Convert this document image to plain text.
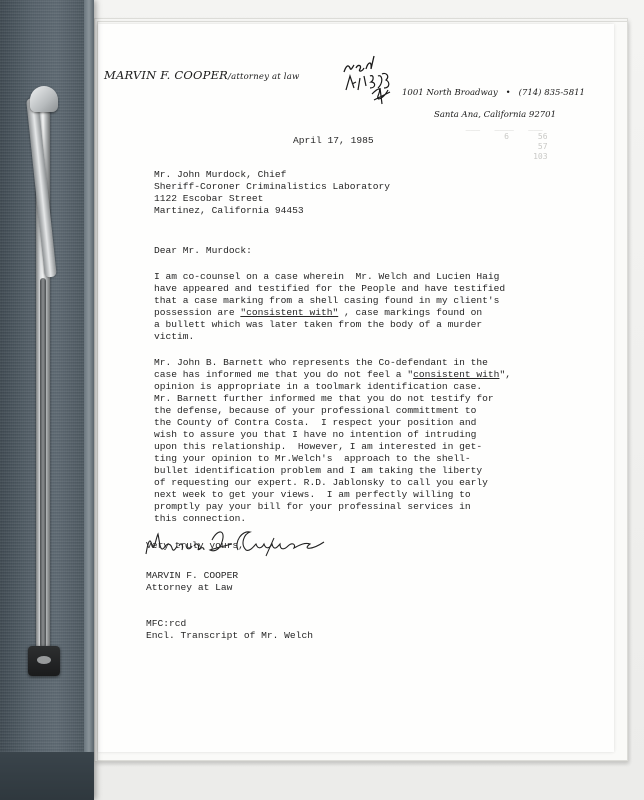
___   ____   ___
6      56
57
103
MARVIN F. COOPER/attorney at law
1001 North Broadway • (714) 835-5811
Santa Ana, California 92701
April 17, 1985
Mr. John Murdock, Chief
Sheriff-Coroner Criminalistics Laboratory
1122 Escobar Street
Martinez, California 94453
Dear Mr. Murdock:
I am co-counsel on a case wherein  Mr. Welch and Lucien Haig
have appeared and testified for the People and have testified
that a case marking from a shell casing found in my client's
possession are "consistent with" , case markings found on
a bullett which was later taken from the body of a murder
victim.
Mr. John B. Barnett who represents the Co-defendant in the
case has informed me that you do not feel a "consistent with",
opinion is appropriate in a toolmark identification case.
Mr. Barnett further informed me that you do not testify for
the defense, because of your professional committment to
the County of Contra Costa.  I respect your position and
wish to assure you that I have no intention of intruding
upon this relationship.  However, I am interested in get-
ting your opinion to Mr.Welch's  approach to the shell-
bullet identification problem and I am taking the liberty
of requesting our expert. R.D. Jablonsky to call you early
next week to get your views.  I am perfectly willing to
promptly pay your bill for your professinal services in
this connection.
Very truly yours,
MARVIN F. COOPER
Attorney at Law
MFC:rcd
Encl. Transcript of Mr. Welch
